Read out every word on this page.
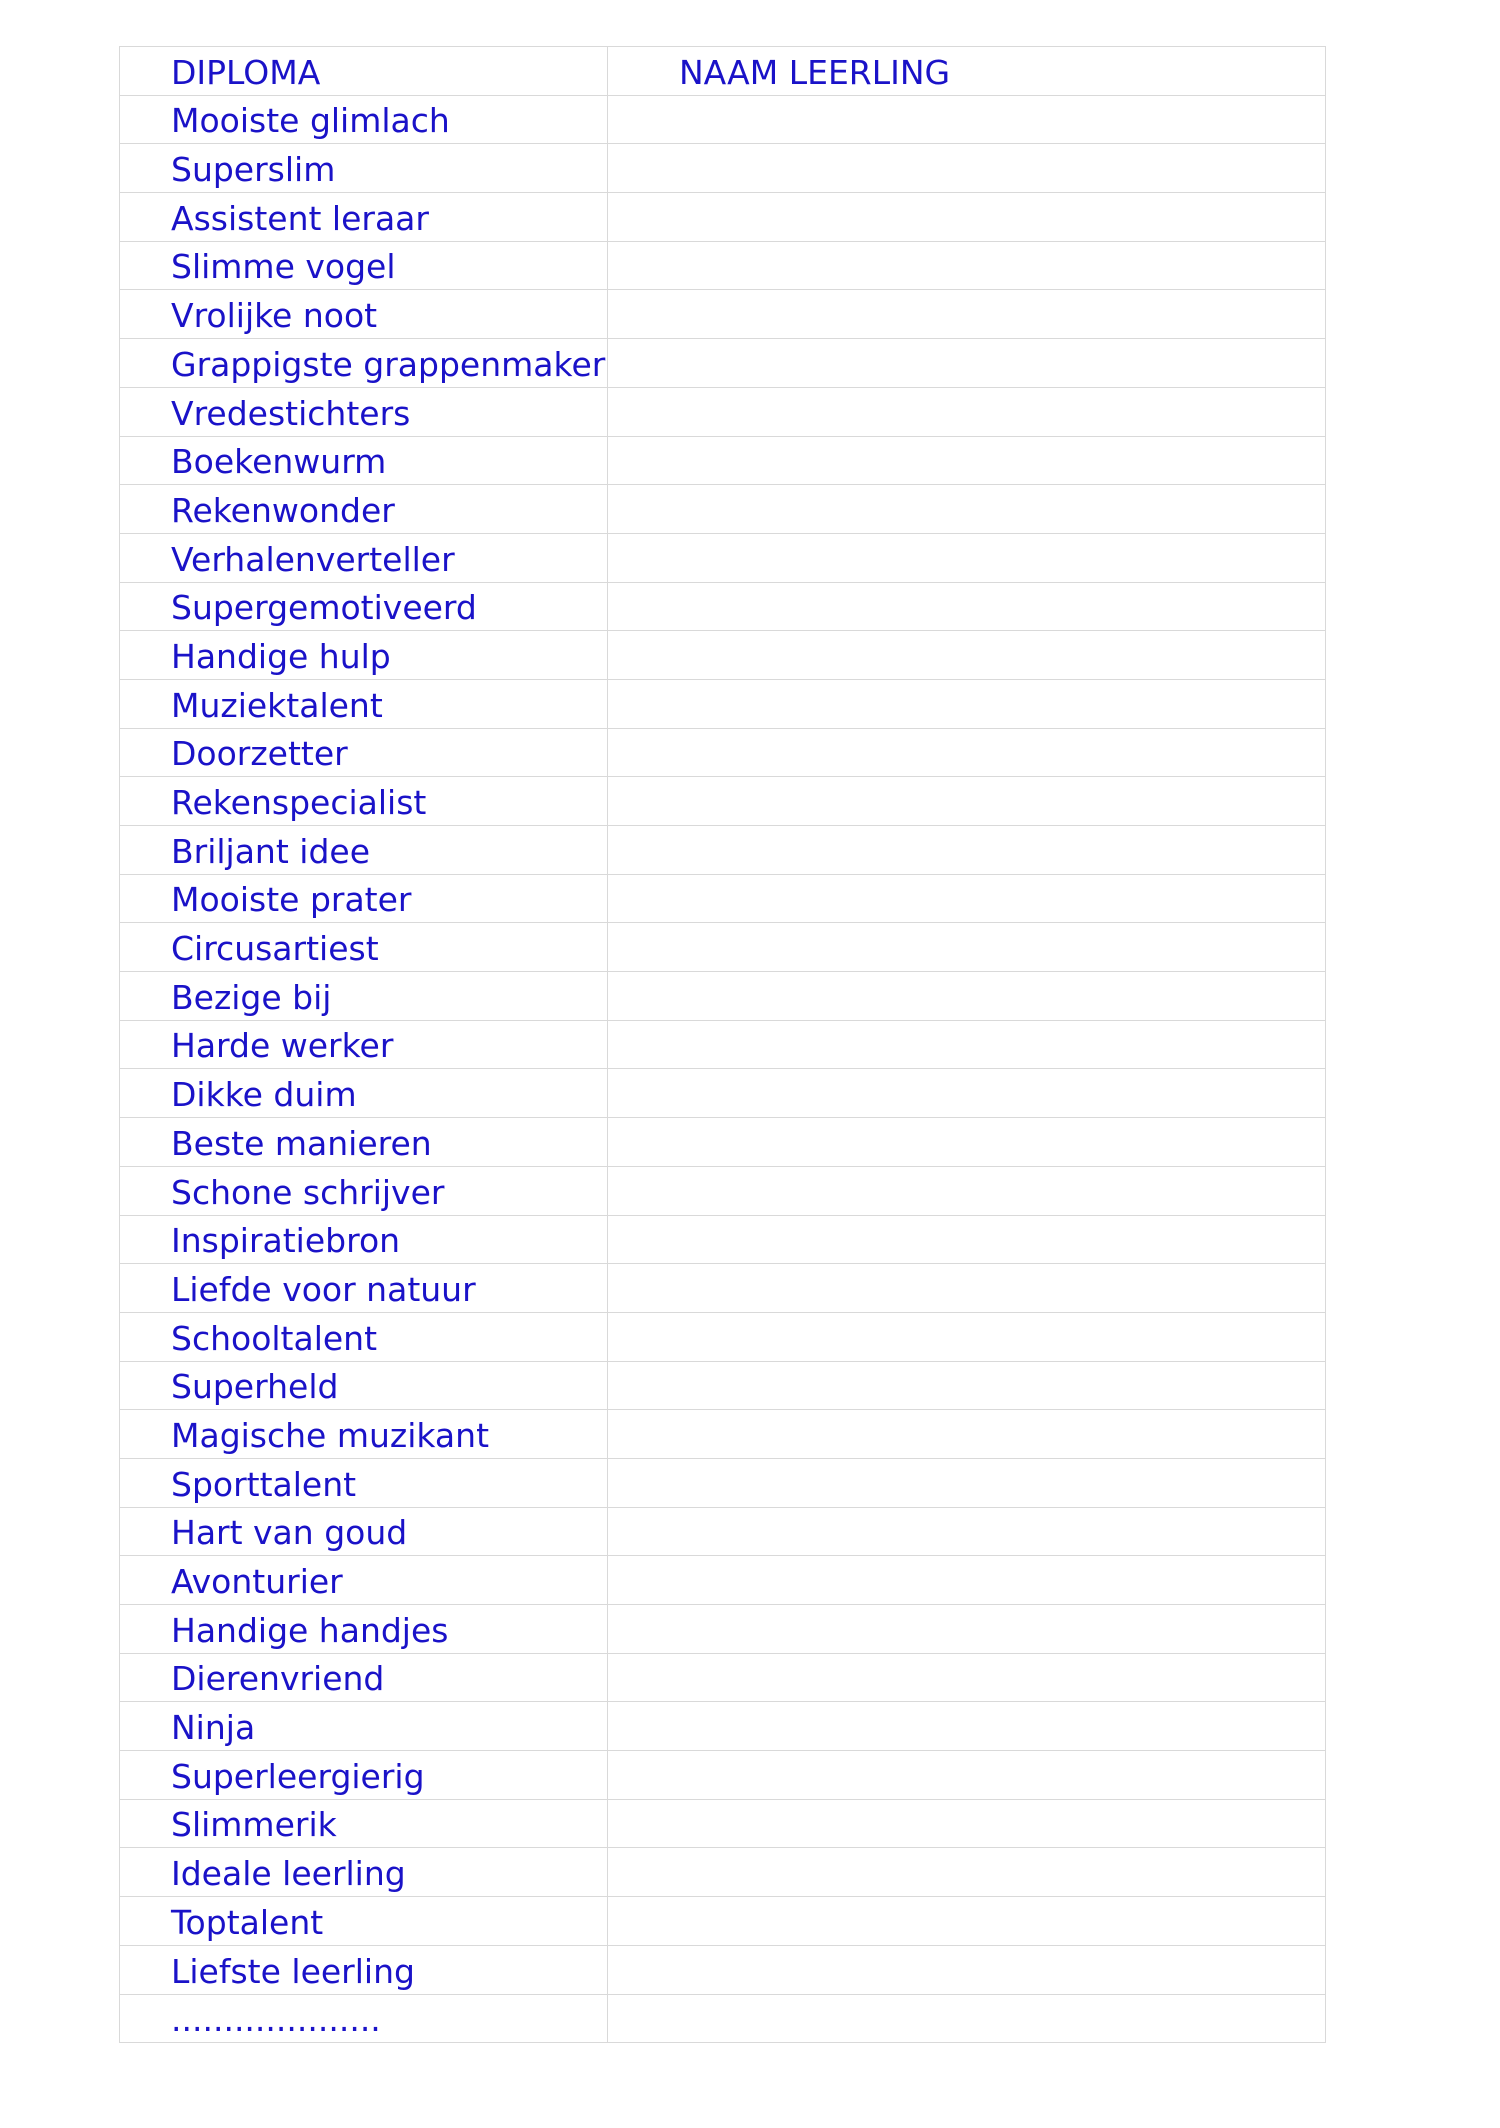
DIPLOMA	NAAM LEERLING
Mooiste glimlach	
Superslim	
Assistent leraar	
Slimme vogel	
Vrolijke noot	
Grappigste grappenmaker	
Vredestichters	
Boekenwurm	
Rekenwonder	
Verhalenverteller	
Supergemotiveerd	
Handige hulp	
Muziektalent	
Doorzetter	
Rekenspecialist	
Briljant idee	
Mooiste prater	
Circusartiest	
Bezige bij	
Harde werker	
Dikke duim	
Beste manieren	
Schone schrijver	
Inspiratiebron	
Liefde voor natuur	
Schooltalent	
Superheld	
Magische muzikant	
Sporttalent	
Hart van goud	
Avonturier	
Handige handjes	
Dierenvriend	
Ninja	
Superleergierig	
Slimmerik	
Ideale leerling	
Toptalent	
Liefste leerling	
....................	
